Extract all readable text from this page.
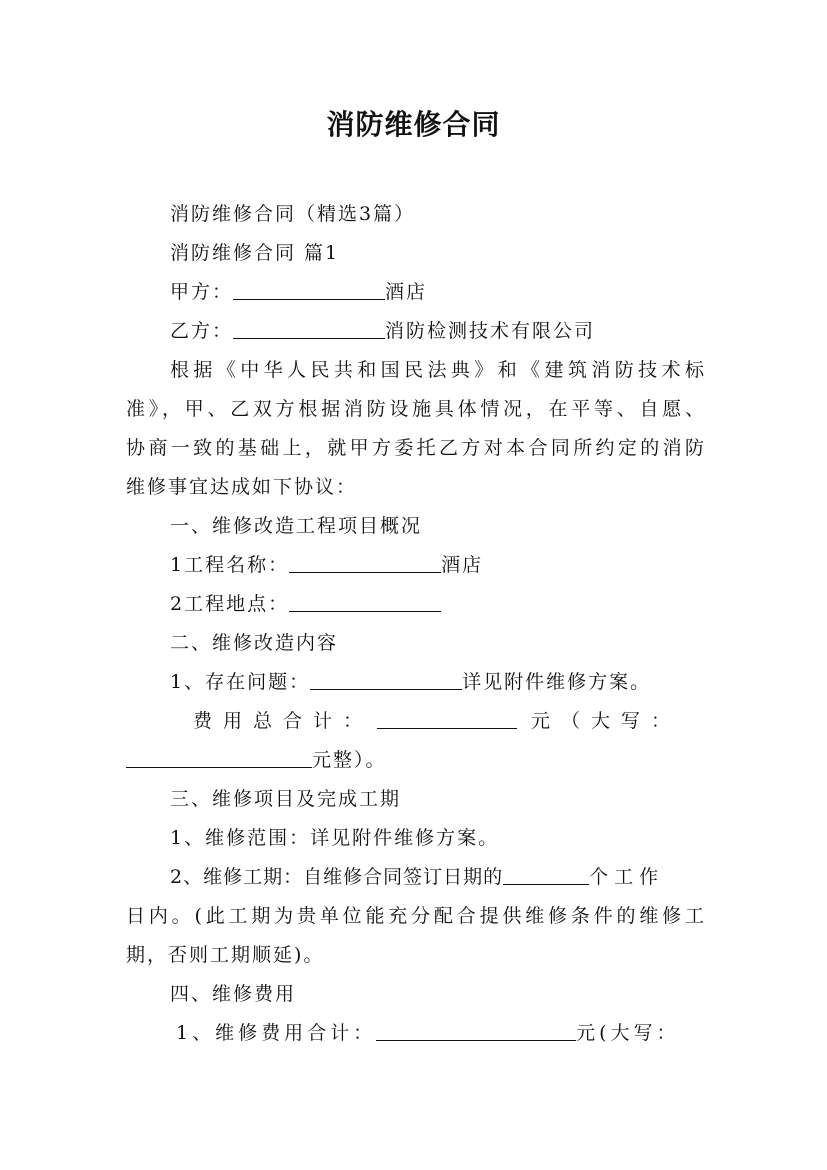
消防维修合同
消防维修合同（精选3篇）
消防维修合同 篇1
甲方：	酒店
乙方：	消防检测技术有限公司
根据《中华人民共和国民法典》和《建筑消防技术标
准》，甲、乙双方根据消防设施具体情况，在平等、自愿、
协商一致的基础上，就甲方委托乙方对本合同所约定的消防
维修事宜达成如下协议：
一、维修改造工程项目概况
1工程名称：	酒店
2工程地点：
二、维修改造内容
1、存在问题：	详见附件维修方案。
费用总合计：	元（大写：
元整）。
三、维修项目及完成工期
1、维修范围：详见附件维修方案。
2、维修工期：自维修合同签订日期的	个工作
日内。(此工期为贵单位能充分配合提供维修条件的维修工
期，否则工期顺延)。
四、维修费用
1、维修费用合计：	元(大写：
